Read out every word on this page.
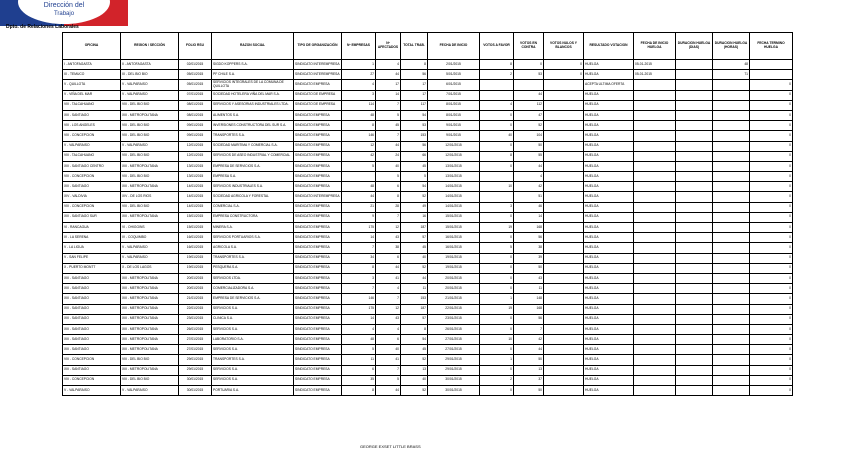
Dirección del
Trabajo
Dpto. de Relaciones Laborales
OFICINA	REGION / SECCIÓN	FOLIO RSU	RAZON SOCIAL	TIPO DE ORGANIZACIÓN	Nº EMPRESAS	Nº AFECTADOS	TOTAL TRAB.	FECHA DE INICIO	VOTOS A FAVOR	VOTOS EN CONTRA	VOTOS NULOS Y BLANCOS	RESULTADO VOTACION	FECHA DE INICIO HUELGA	DURACION HUELGA (DIAS)	DURACION HUELGA (HORAS)	FECHA TERMINO HUELGA
I - ANTOFAGASTA	II - ANTOFAGASTA	02/01/2015	SIGDO KOPPERS S.A.	SINDICATO INTEREMPRESA	1	4	8	2/01/2015	8	0	0	HUELGA	05-01-2015		48	
IX - TEMUCO	IX - DEL BIO BIO	05/01/2015	PF CHILE S.A.	SINDICATO INTEREMPRESA	27	44	56	5/01/2015	2	53	0	HUELGA	05-01-2015		71	
V - QUILLOTA	V - VALPARAISO	05/01/2015	SERVICIOS INTEGRALES DE LA COMUNA DE QUILLOTA	SINDICATO EMPRESA	4	17	17	6/01/2015				ACEPTA ULTIMA OFERTA				0
V - VIÑA DEL MAR	V - VALPARAISO	07/01/2015	SOCIEDAD HOTELERA VIÑA DEL MAR S.A.	SINDICATO DE EMPRESA	3	14	17	7/01/2015		44		HUELGA				0
VIII - TALCAHUANO	VIII - DEL BIO BIO	08/01/2015	SERVICIOS Y ASESORIAS INDUSTRIALES LTDA.	SINDICATO DE EMPRESA	114	7	117	8/01/2015	4	112		HUELGA				0
XIII - SANTIAGO	XIII - METROPOLITANA	08/01/2015	ALIMENTOS S.A.	SINDICATO EMPRESA	48	5	54	8/01/2015	0	47		HUELGA				0
VIII - LOS ANGELES	VIII - DEL BIO BIO	09/01/2015	INVERSIONES CONSTRUCTORA DEL SUR S.A.	SINDICATO EMPRESA	8	45	53	9/01/2015	0	52		HUELGA				0
VIII - CONCEPCION	VIII - DEL BIO BIO	09/01/2015	TRANSPORTES S.A.	SINDICATO EMPRESA	146	7	153	9/01/2015	40	104		HUELGA				0
V - VALPARAISO	V - VALPARAISO	12/01/2015	SOCIEDAD MARITIMA Y COMERCIAL S.A.	SINDICATO EMPRESA	12	44	56	12/01/2015	0	50		HUELGA				0
VIII - TALCAHUANO	VIII - DEL BIO BIO	12/01/2015	SERVICIOS DE ASEO INDUSTRIAL Y COMERCIAL	SINDICATO EMPRESA	42	24	66	12/01/2015	8	55		HUELGA				0
XIII - SANTIAGO CENTRO	XIII - METROPOLITANA	13/01/2015	EMPRESA DE SERVICIOS S.A.	SINDICATO EMPRESA	5	40	45	13/01/2015	0	44		HUELGA				0
VIII - CONCEPCION	VIII - DEL BIO BIO	13/01/2015	EMPRESA S.A.	SINDICATO EMPRESA		5	5	13/01/2015		4		HUELGA				0
XIII - SANTIAGO	XIII - METROPOLITANA	14/01/2015	SERVICIOS INDUSTRIALES S.A.	SINDICATO EMPRESA	48	6	54	14/01/2015	10	42		HUELGA				0
XIV - VALDIVIA	XIV - DE LOS RIOS	14/01/2015	SOCIEDAD AGRICOLA Y FORESTAL	SINDICATO INTEREMPRESA	44	8	52	14/01/2015		51		HUELGA				0
VIII - CONCEPCION	VIII - DEL BIO BIO	14/01/2015	COMERCIAL S.A.	SINDICATO EMPRESA	21	28	49	14/01/2015	3	46		HUELGA				0
XIII - SANTIAGO SUR	XIII - METROPOLITANA	15/01/2015	EMPRESA CONSTRUCTORA	SINDICATO EMPRESA	9	7	16	15/01/2015	0	14		HUELGA				0
VI - RANCAGUA	VI - OHIGGINS	15/01/2015	MINERA S.A.	SINDICATO EMPRESA	175	12	187	15/01/2015	19	168		HUELGA				0
IV - LA SERENA	IV - COQUIMBO	16/01/2015	SERVICIOS PORTUARIOS S.A.	SINDICATO EMPRESA	14	43	57	16/01/2015	0	56		HUELGA				0
V - LA LIGUA	V - VALPARAISO	16/01/2015	AGRICOLA S.A.	SINDICATO EMPRESA	7	38	45	16/01/2015	5	38		HUELGA				0
V - SAN FELIPE	V - VALPARAISO	19/01/2015	TRANSPORTES S.A.	SINDICATO EMPRESA	34	6	40	19/01/2015	0	39		HUELGA				0
X - PUERTO MONTT	X - DE LOS LAGOS	19/01/2015	PESQUERA S.A.	SINDICATO EMPRESA	8	44	52	19/01/2015	0	50		HUELGA				0
XIII - SANTIAGO	XIII - METROPOLITANA	20/01/2015	SERVICIOS LTDA.	SINDICATO EMPRESA	3	41	44	20/01/2015	0	43		HUELGA				0
XIII - SANTIAGO	XIII - METROPOLITANA	20/01/2015	COMERCIALIZADORA S.A.	SINDICATO EMPRESA	7	4	11	20/01/2015	0	11		HUELGA				0
XIII - SANTIAGO	XIII - METROPOLITANA	21/01/2015	EMPRESA DE SERVICIOS S.A.	SINDICATO EMPRESA	146	7	153	21/01/2015	1	148		HUELGA				0
XIII - SANTIAGO	XIII - METROPOLITANA	22/01/2015	SERVICIOS S.A.	SINDICATO EMPRESA	175	12	187	22/01/2015	19	168		HUELGA				0
XIII - SANTIAGO	XIII - METROPOLITANA	23/01/2015	CLINICA S.A.	SINDICATO EMPRESA	14	43	57	23/01/2015	0	56		HUELGA				0
XIII - SANTIAGO	XIII - METROPOLITANA	26/01/2015	SERVICIOS S.A.	SINDICATO EMPRESA	4	4	8	26/01/2015	0	7		HUELGA				0
XIII - SANTIAGO	XIII - METROPOLITANA	27/01/2015	LABORATORIO S.A.	SINDICATO EMPRESA	48	6	54	27/01/2015	10	42		HUELGA				0
XIII - SANTIAGO	XIII - METROPOLITANA	27/01/2015	SERVICIOS S.A.	SINDICATO EMPRESA	5	40	45	27/01/2015	0	44		HUELGA				0
VIII - CONCEPCION	VIII - DEL BIO BIO	29/01/2015	TRANSPORTES S.A.	SINDICATO EMPRESA	11	41	52	29/01/2015	1	50		HUELGA				0
XIII - SANTIAGO	XIII - METROPOLITANA	29/01/2015	SERVICIOS S.A.	SINDICATO EMPRESA	6	7	13	29/01/2015	0	13		HUELGA				0
VIII - CONCEPCION	VIII - DEL BIO BIO	30/01/2015	SERVICIOS S.A.	SINDICATO EMPRESA	35	5	40	30/01/2015	2	37		HUELGA				0
V - VALPARAISO	V - VALPARAISO	30/01/2015	PORTUARIA S.A.	SINDICATO EMPRESA	8	44	52	30/01/2015	0	50		HUELGA				0
GEORGE EXSET LITTLE BRASS
